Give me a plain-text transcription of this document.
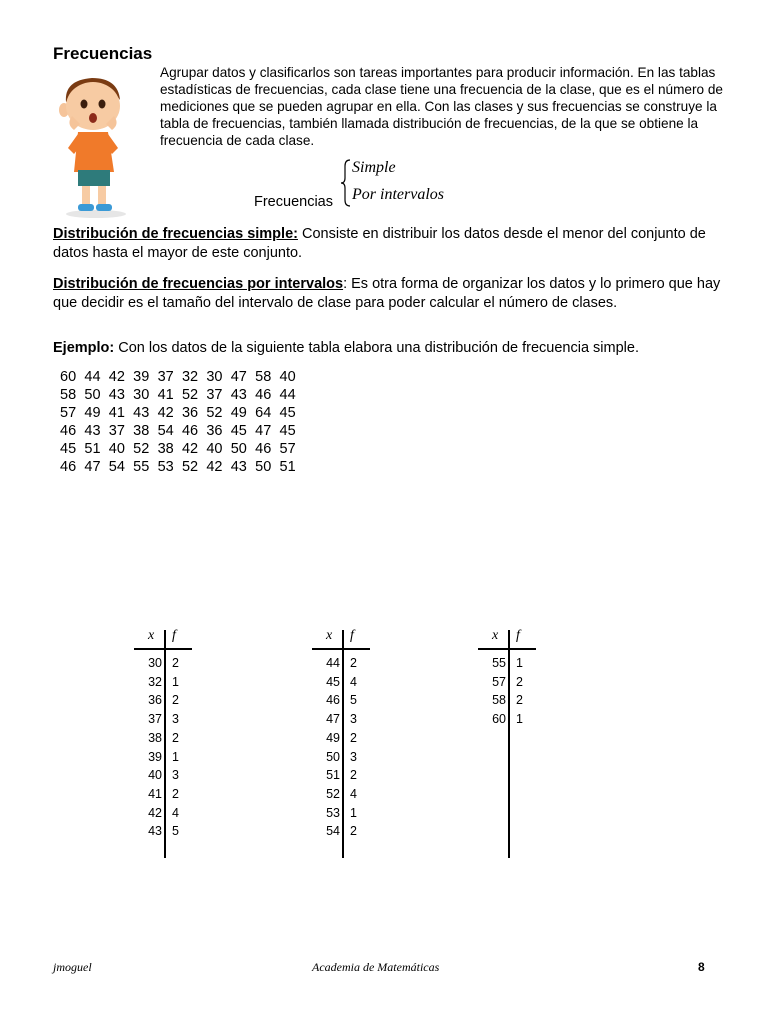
Frecuencias
Agrupar datos y clasificarlos son tareas importantes para producir información. En las tablas estadísticas de frecuencias, cada clase tiene una frecuencia de la clase, que es el número de mediciones que se pueden agrupar en ella. Con las clases y sus frecuencias se construye la tabla de frecuencias, también llamada distribución de frecuencias, de la que se obtiene la frecuencia de cada clase.
Frecuencias
Simple
Por intervalos
Distribución de frecuencias simple: Consiste en distribuir los datos desde el menor del conjunto de datos hasta el mayor de este conjunto.
Distribución de frecuencias por intervalos: Es otra forma de organizar los datos y lo primero que hay que decidir es el tamaño del intervalo de clase para poder calcular el número de clases.
Ejemplo: Con los datos de la siguiente tabla elabora una distribución de frecuencia simple.
60 44 42 39 37 32 30 47 58 40
58 50 43 30 41 52 37 43 46 44
57 49 41 43 42 36 52 49 64 45
46 43 37 38 54 46 36 45 47 45
45 51 40 52 38 42 40 50 46 57
46 47 54 55 53 52 42 43 50 51
x f
30 2
32 1
36 2
37 3
38 2
39 1
40 3
41 2
42 4
43 5
x f
44 2
45 4
46 5
47 3
49 2
50 3
51 2
52 4
53 1
54 2
x f
55 1
57 2
58 2
60 1
jmoguel	Academia de Matemáticas	8
